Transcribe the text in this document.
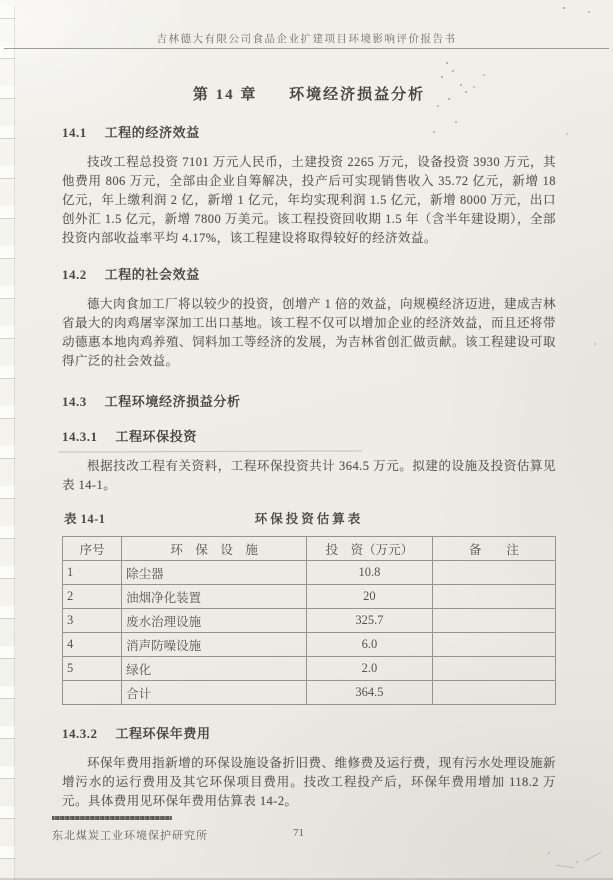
吉林德大有限公司食品企业扩建项目环境影响评价报告书
第 14 章 环境经济损益分析
14.1 工程的经济效益

技改工程总投资 7101 万元人民币，土建投资 2265 万元，设备投资 3930 万元，其他费用 806 万元，全部由企业自筹解决，投产后可实现销售收入 35.72 亿元，新增 18 亿元，年上缴利润 2 亿，新增 1 亿元，年均实现利润 1.5 亿元，新增 8000 万元，出口创外汇 1.5 亿元，新增 7800 万美元。该工程投资回收期 1.5 年（含半年建设期），全部投资内部收益率平均 4.17%，该工程建设将取得较好的经济效益。

14.2 工程的社会效益

德大肉食加工厂将以较少的投资，创增产 1 倍的效益，向规模经济迈进，建成吉林省最大的肉鸡屠宰深加工出口基地。该工程不仅可以增加企业的经济效益，而且还将带动德惠本地肉鸡养殖、饲料加工等经济的发展，为吉林省创汇做贡献。该工程建设可取得广泛的社会效益。

14.3 工程环境经济损益分析
14.3.1 工程环保投资

根据技改工程有关资料，工程环保投资共计 364.5 万元。拟建的设施及投资估算见表 14-1。

表 14-1	环保投资估算表
序号	环　保　设　施	投　资（万元）	备　　注
1	除尘器	10.8	
2	油烟净化装置	20	
3	废水治理设施	325.7	
4	消声防噪设施	6.0	
5	绿化	2.0	
	合计	364.5	
14.3.2 工程环保年费用

环保年费用指新增的环保设施设备折旧费、维修费及运行费，现有污水处理设施新增污水的运行费用及其它环保项目费用。技改工程投产后，环保年费用增加 118.2 万元。具体费用见环保年费用估算表 14-2。

东北煤炭工业环境保护研究所	71
